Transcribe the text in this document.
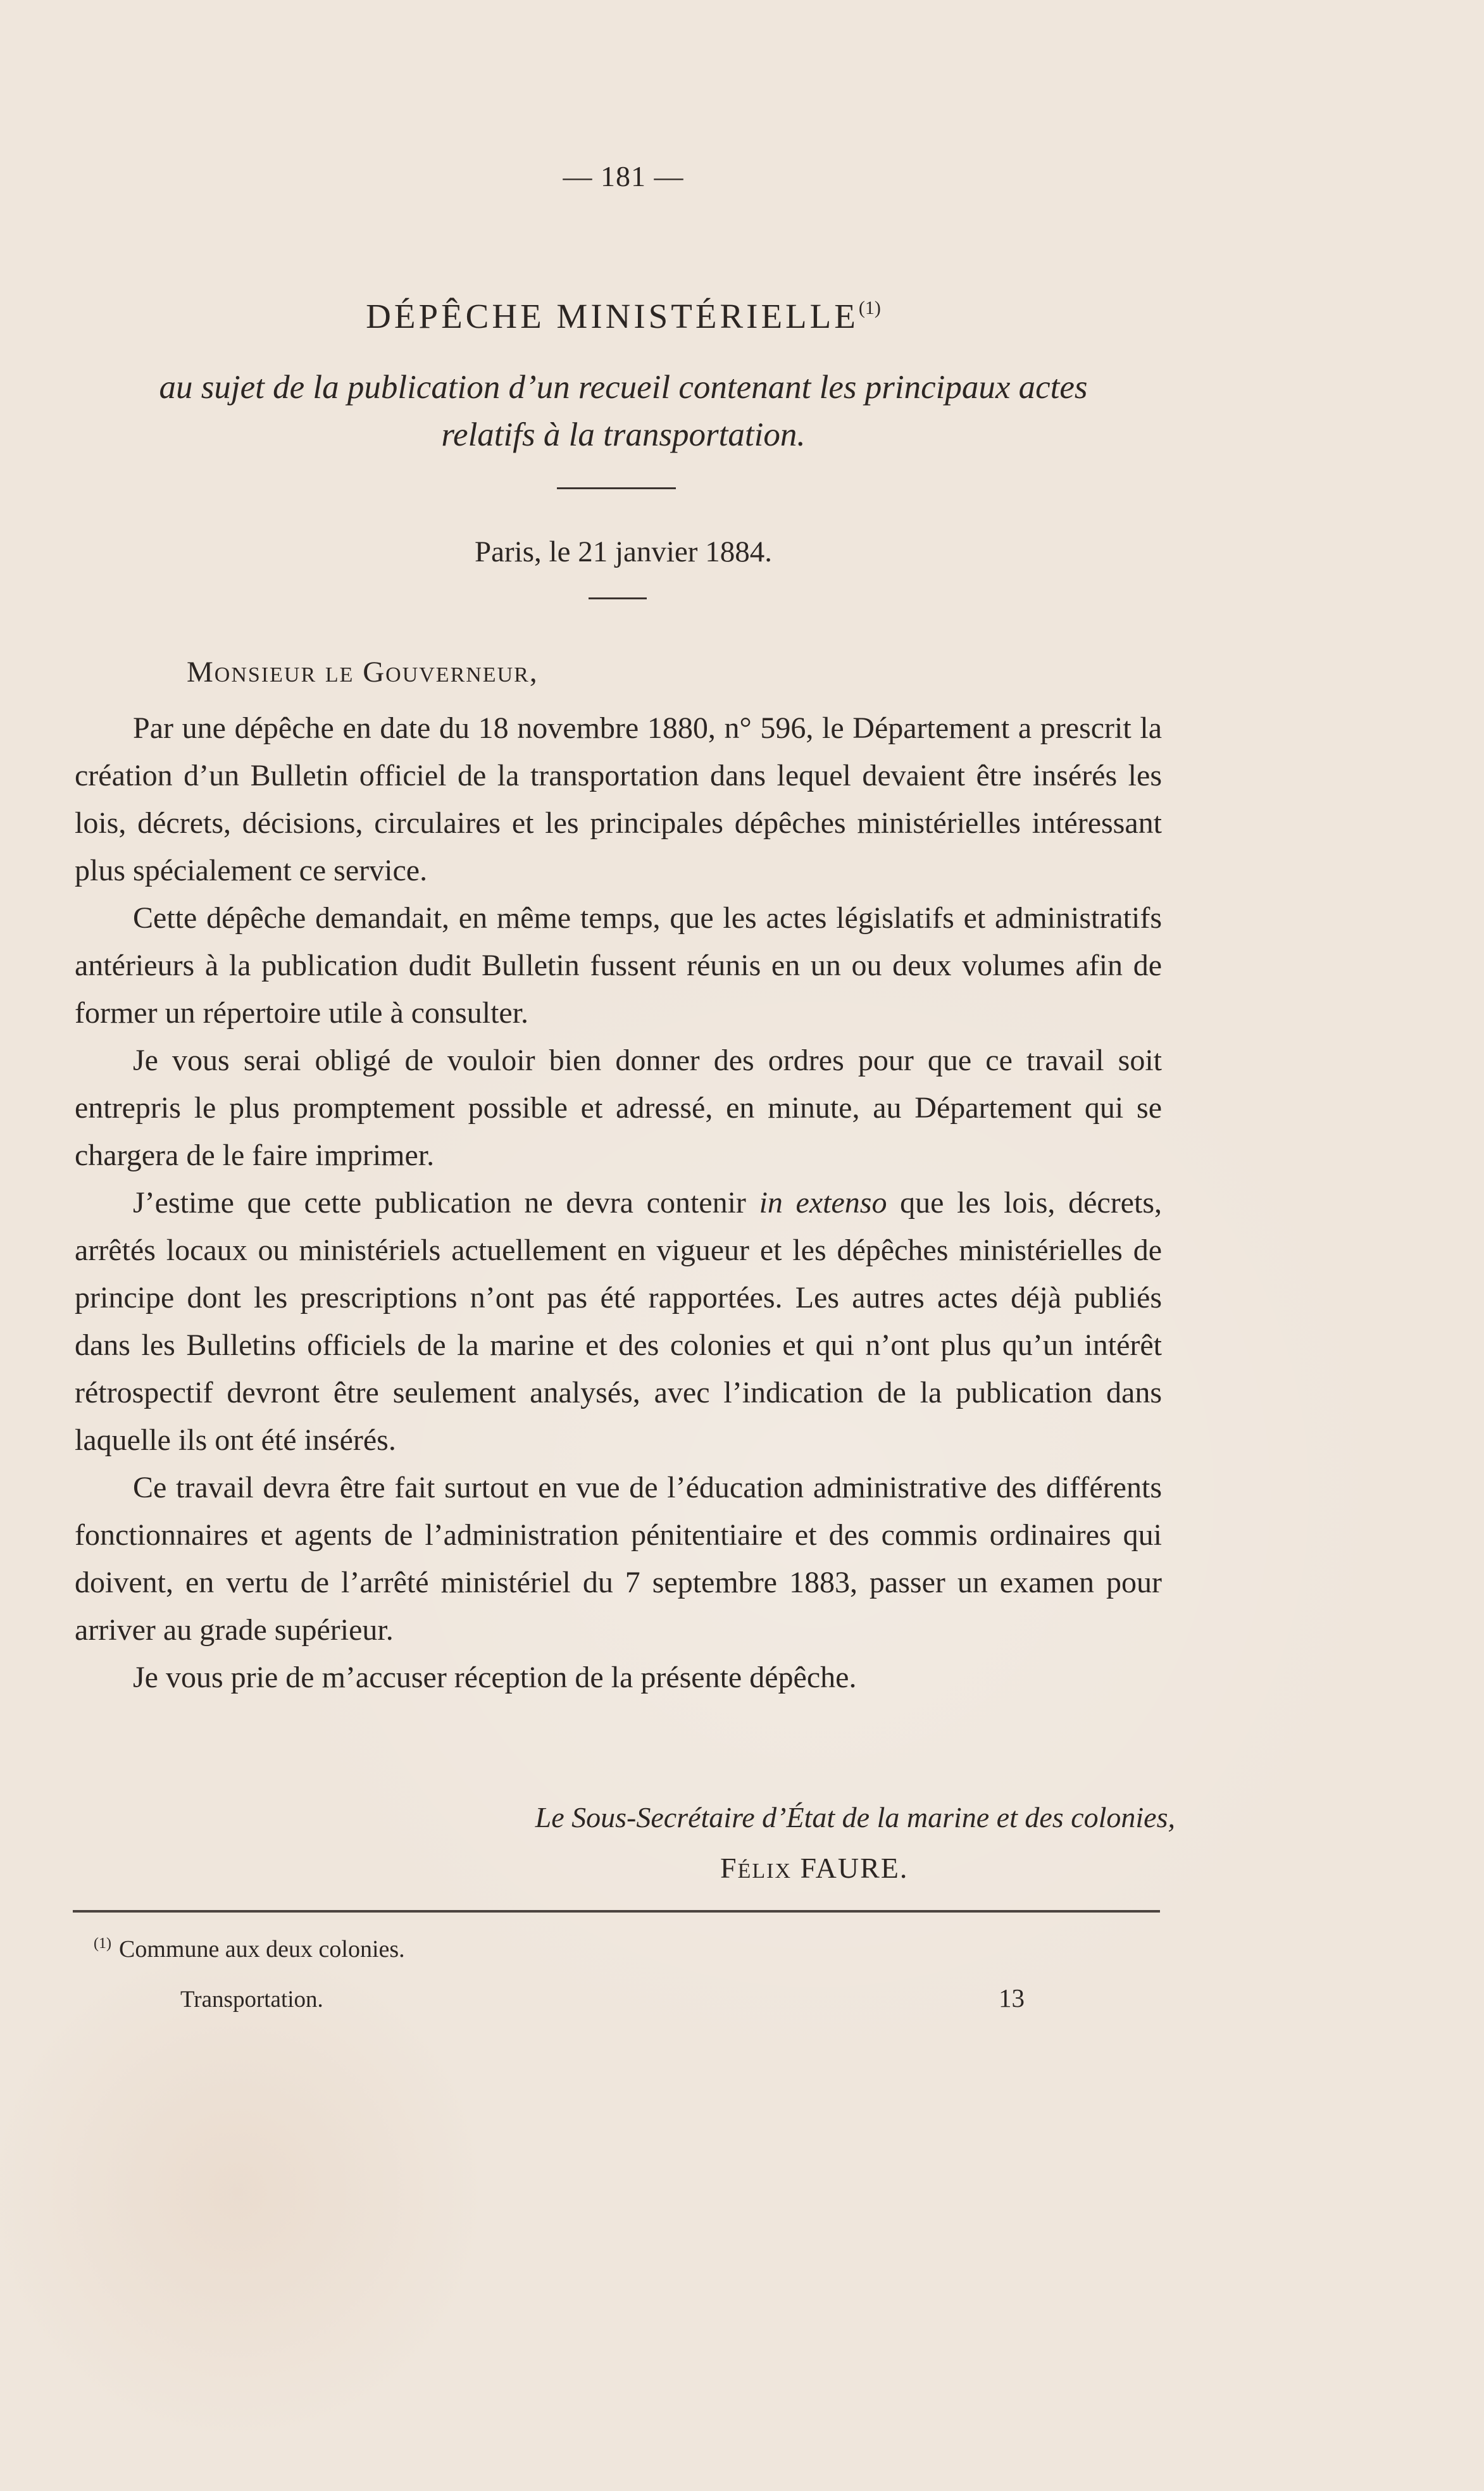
— 181 —
DÉPÊCHE MINISTÉRIELLE$^{(1)}$
au sujet de la publication d’un recueil contenant les principaux actes relatifs à la transportation.
Paris, le 21 janvier 1884.
MONSIEUR LE GOUVERNEUR,

Par une dépêche en date du 18 novembre 1880, n° 596, le Département a prescrit la création d’un Bulletin officiel de la transportation dans lequel devaient être insérés les lois, décrets, décisions, circulaires et les principales dépêches ministérielles intéressant plus spécialement ce service.

Cette dépêche demandait, en même temps, que les actes législatifs et administratifs antérieurs à la publication dudit Bulletin fussent réunis en un ou deux volumes afin de former un répertoire utile à consulter.

Je vous serai obligé de vouloir bien donner des ordres pour que ce travail soit entrepris le plus promptement possible et adressé, en minute, au Département qui se chargera de le faire imprimer.

J’estime que cette publication ne devra contenir in extenso que les lois, décrets, arrêtés locaux ou ministériels actuellement en vigueur et les dépêches ministérielles de principe dont les prescriptions n’ont pas été rapportées. Les autres actes déjà publiés dans les Bulletins officiels de la marine et des colonies et qui n’ont plus qu’un intérêt rétrospectif devront être seulement analysés, avec l’indication de la publication dans laquelle ils ont été insérés.

Ce travail devra être fait surtout en vue de l’éducation administrative des différents fonctionnaires et agents de l’administration pénitentiaire et des commis ordinaires qui doivent, en vertu de l’arrêté ministériel du 7 septembre 1883, passer un examen pour arriver au grade supérieur.

Je vous prie de m’accuser réception de la présente dépêche.

Le Sous-Secrétaire d’État de la marine et des colonies,
FÉLIX FAURE.
$^{(1)}$ Commune aux deux colonies.
Transportation.	13
